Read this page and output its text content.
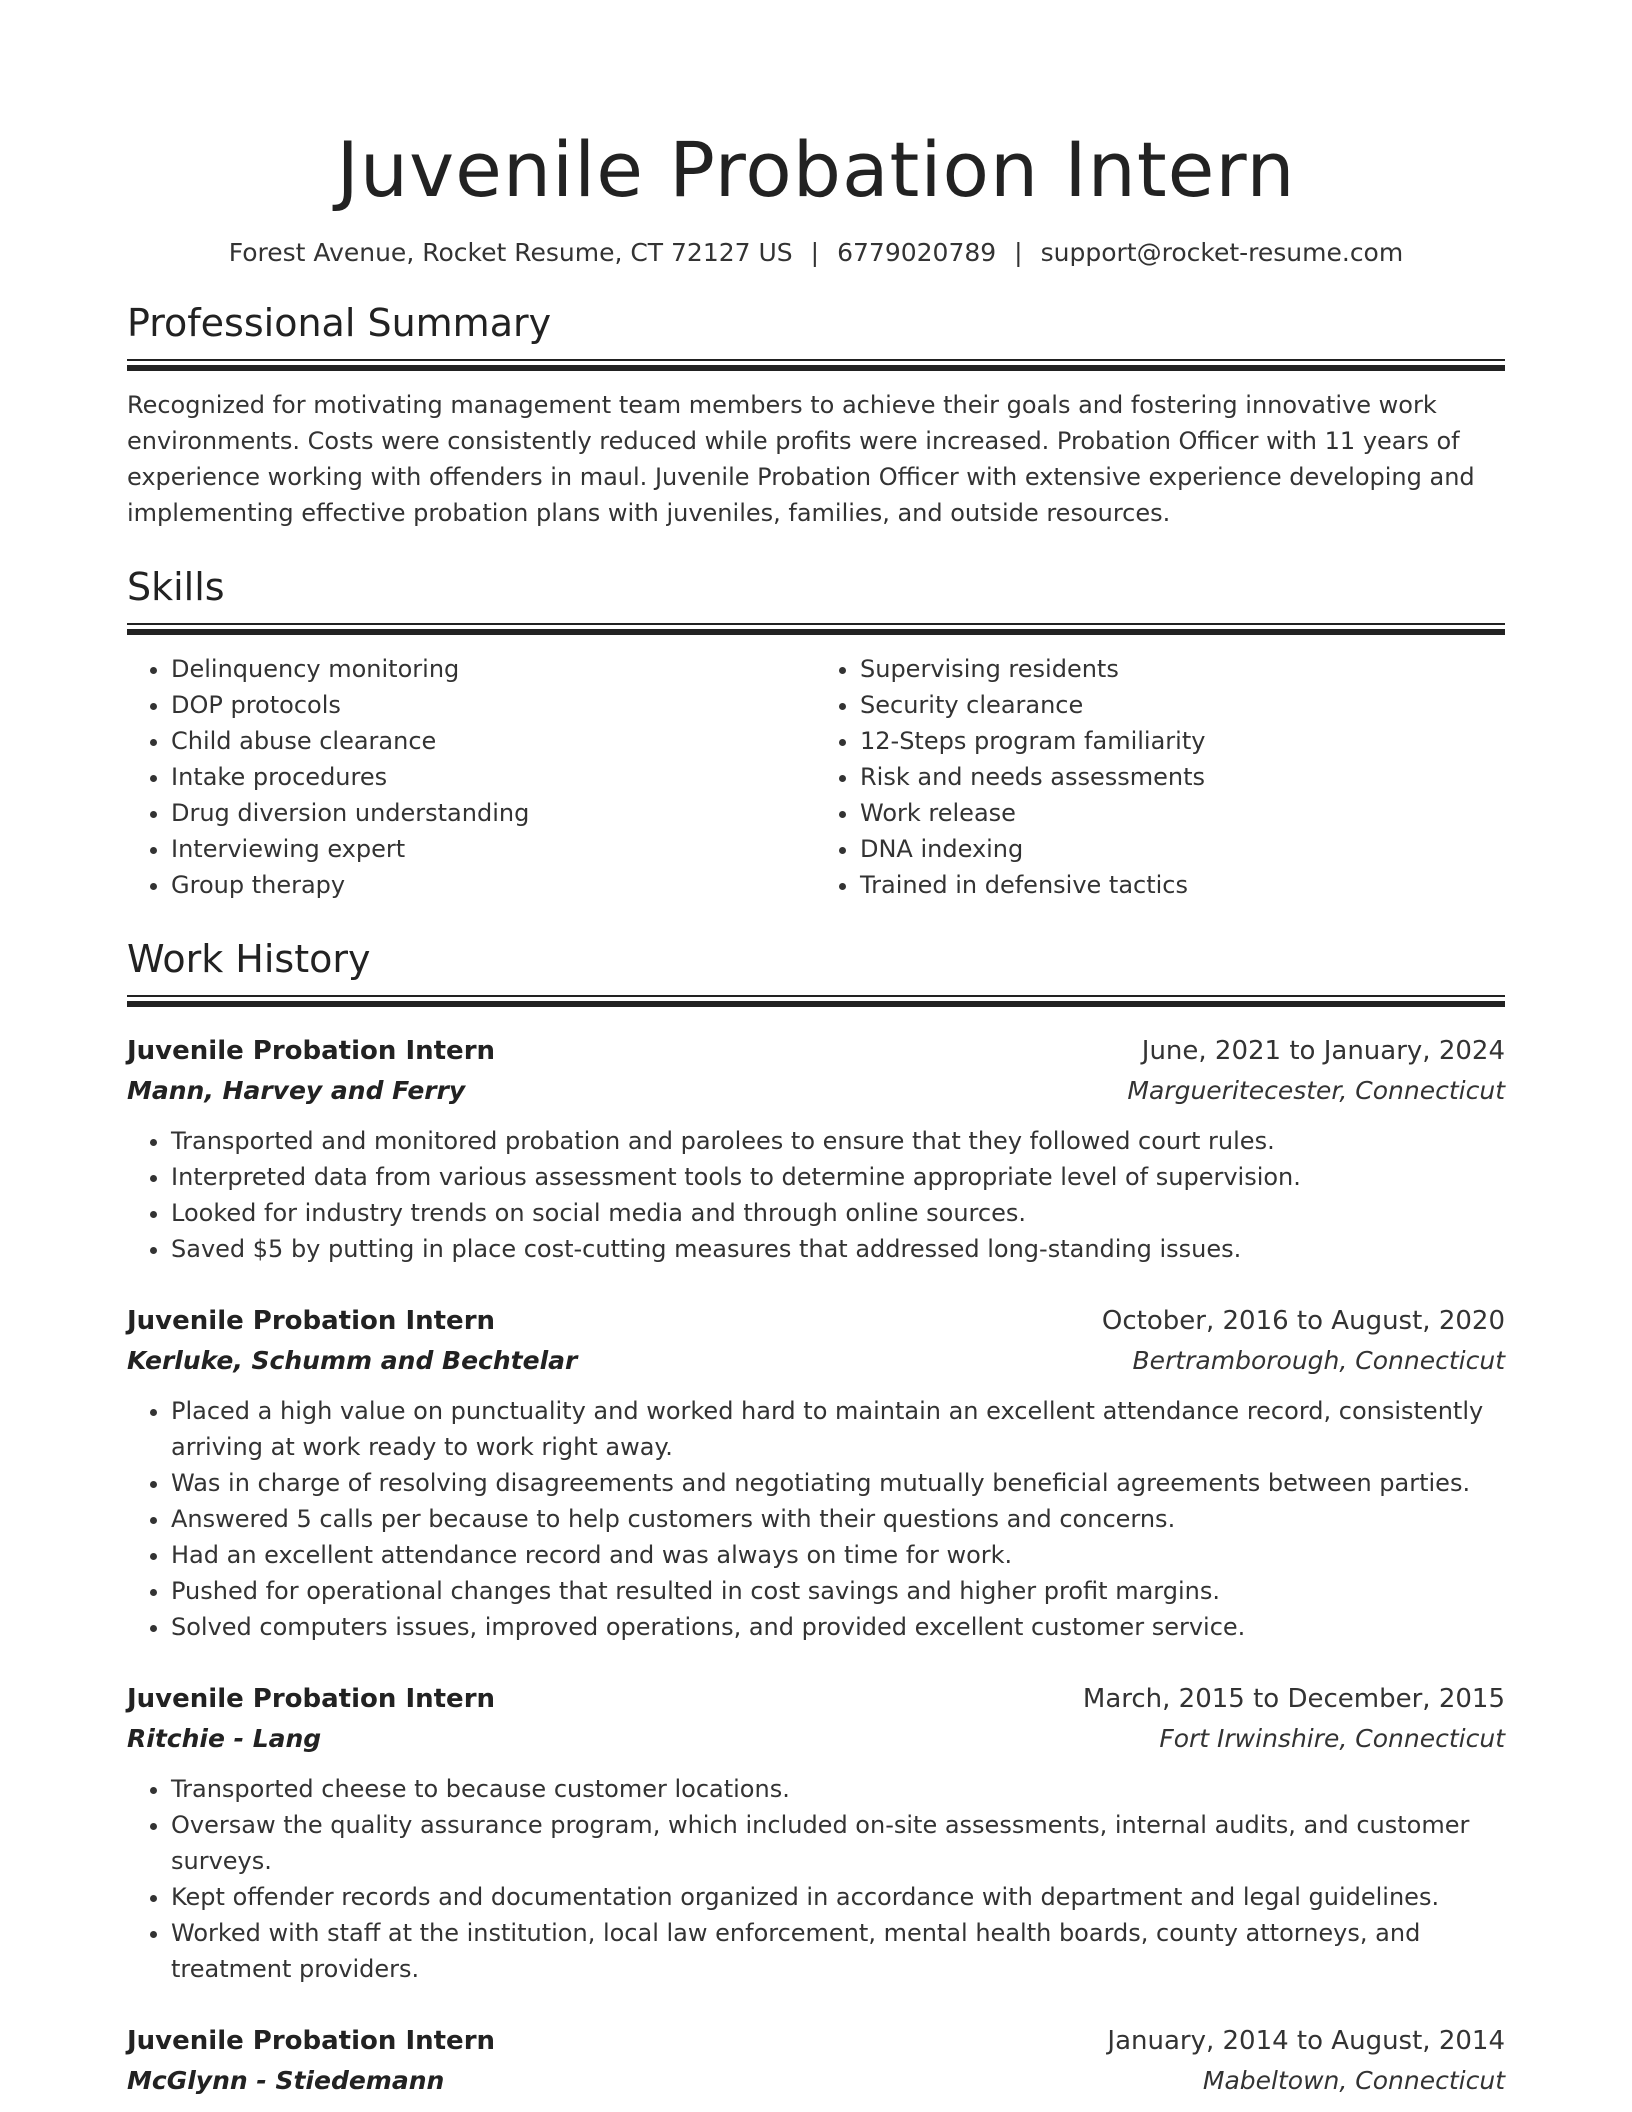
Juvenile Probation Intern
Forest Avenue, Rocket Resume, CT 72127 US | 6779020789 | support@rocket-resume.com
Professional Summary

Recognized for motivating management team members to achieve their goals and fostering innovative work environments. Costs were consistently reduced while profits were increased. Probation Officer with 11 years of experience working with offenders in maul. Juvenile Probation Officer with extensive experience developing and implementing effective probation plans with juveniles, families, and outside resources.

Skills
• Delinquency monitoring
• DOP protocols
• Child abuse clearance
• Intake procedures
• Drug diversion understanding
• Interviewing expert
• Group therapy
• Supervising residents
• Security clearance
• 12-Steps program familiarity
• Risk and needs assessments
• Work release
• DNA indexing
• Trained in defensive tactics
Work History
Juvenile Probation Intern	June, 2021 to January, 2024
Mann, Harvey and Ferry	Margueritecester, Connecticut
• Transported and monitored probation and parolees to ensure that they followed court rules.
• Interpreted data from various assessment tools to determine appropriate level of supervision.
• Looked for industry trends on social media and through online sources.
• Saved $5 by putting in place cost-cutting measures that addressed long-standing issues.
Juvenile Probation Intern	October, 2016 to August, 2020
Kerluke, Schumm and Bechtelar	Bertramborough, Connecticut
• Placed a high value on punctuality and worked hard to maintain an excellent attendance record, consistently arriving at work ready to work right away.
• Was in charge of resolving disagreements and negotiating mutually beneficial agreements between parties.
• Answered 5 calls per because to help customers with their questions and concerns.
• Had an excellent attendance record and was always on time for work.
• Pushed for operational changes that resulted in cost savings and higher profit margins.
• Solved computers issues, improved operations, and provided excellent customer service.
Juvenile Probation Intern	March, 2015 to December, 2015
Ritchie - Lang	Fort Irwinshire, Connecticut
• Transported cheese to because customer locations.
• Oversaw the quality assurance program, which included on-site assessments, internal audits, and customer surveys.
• Kept offender records and documentation organized in accordance with department and legal guidelines.
• Worked with staff at the institution, local law enforcement, mental health boards, county attorneys, and treatment providers.
Juvenile Probation Intern	January, 2014 to August, 2014
McGlynn - Stiedemann	Mabeltown, Connecticut
